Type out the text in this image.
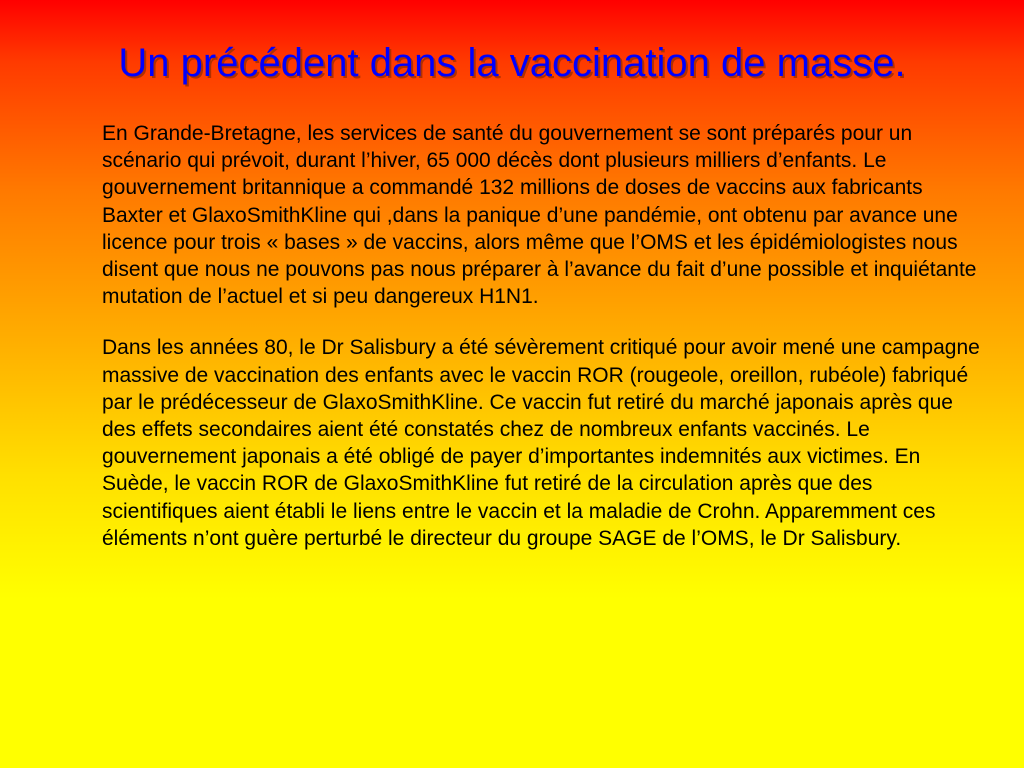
Un précédent dans la vaccination de masse.

En Grande-Bretagne, les services de santé du gouvernement se sont préparés pour un scénario qui prévoit, durant l’hiver, 65 000 décès dont plusieurs milliers d’enfants. Le gouvernement britannique a commandé 132 millions de doses de vaccins aux fabricants Baxter et GlaxoSmithKline qui ,dans la panique d’une pandémie, ont obtenu par avance une licence pour trois « bases » de vaccins, alors même que l’OMS et les épidémiologistes nous disent que nous ne pouvons pas nous préparer à l’avance du fait d’une possible et inquiétante mutation de l’actuel et si peu dangereux H1N1.

Dans les années 80, le Dr Salisbury a été sévèrement critiqué pour avoir mené une campagne massive de vaccination des enfants avec le vaccin ROR (rougeole, oreillon, rubéole) fabriqué par le prédécesseur de GlaxoSmithKline. Ce vaccin fut retiré du marché japonais après que des effets secondaires aient été constatés chez de nombreux enfants vaccinés. Le gouvernement japonais a été obligé de payer d’importantes indemnités aux victimes. En Suède, le vaccin ROR de GlaxoSmithKline fut retiré de la circulation après que des scientifiques aient établi le liens entre le vaccin et la maladie de Crohn. Apparemment ces éléments n’ont guère perturbé le directeur du groupe SAGE de l’OMS, le Dr Salisbury.
